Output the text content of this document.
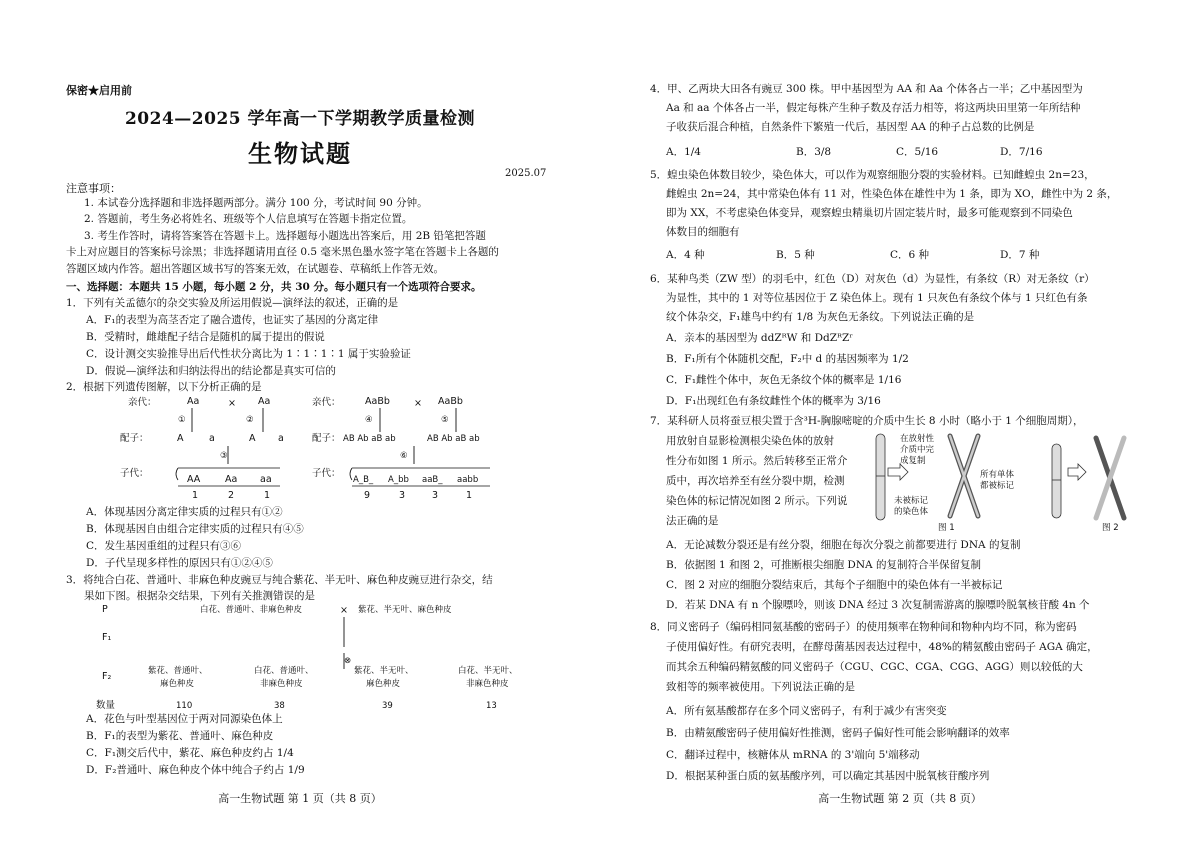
保密★启用前
2024—2025 学年高一下学期教学质量检测
生物试题
2025.07
注意事项：
1. 本试卷分选择题和非选择题两部分。满分 100 分，考试时间 90 分钟。
2. 答题前，考生务必将姓名、班级等个人信息填写在答题卡指定位置。
3. 考生作答时，请将答案答在答题卡上。选择题每小题选出答案后，用 2B 铅笔把答题
卡上对应题目的答案标号涂黑；非选择题请用直径 0.5 毫米黑色墨水签字笔在答题卡上各题的
答题区域内作答。超出答题区域书写的答案无效，在试题卷、草稿纸上作答无效。
一、选择题：本题共 15 小题，每小题 2 分，共 30 分。每小题只有一个选项符合要求。
1．下列有关孟德尔的杂交实验及所运用假说—演绎法的叙述，正确的是
A．F₁的表型为高茎否定了融合遗传，也证实了基因的分离定律
B．受精时，雌雄配子结合是随机的属于提出的假说
C．设计测交实验推导出后代性状分离比为 1∶1∶1∶1 属于实验验证
D．假说—演绎法和归纳法得出的结论都是真实可信的
2．根据下列遗传图解，以下分析正确的是
亲代：	Aa	× Aa
①	②
配子：	A	a	A a
③
子代：
AA	Aa aa
1	2	1
亲代：	AaBb	× AaBb
④	⑤
配子： AB Ab aB ab	AB Ab aB ab
⑥
子代：
A_B_ A_bb aaB_ aabb
9	3	3	1
A．体现基因分离定律实质的过程只有①②
B．体现基因自由组合定律实质的过程只有④⑤
C．发生基因重组的过程只有③⑥
D．子代呈现多样性的原因只有①②④⑤
3．将纯合白花、普通叶、非麻色种皮豌豆与纯合紫花、半无叶、麻色种皮豌豆进行杂交，结
果如下图。根据杂交结果，下列有关推测错误的是
P	白花、普通叶、非麻色种皮	× 紫花、半无叶、麻色种皮
F₁
⊗
F₂	紫花、普通叶、
麻色种皮
白花、普通叶、
非麻色种皮
紫花、半无叶、
麻色种皮
白花、半无叶、
非麻色种皮
数量	110	38	39	13
A．花色与叶型基因位于两对同源染色体上
B．F₁的表型为紫花、普通叶、麻色种皮
C．F₁测交后代中，紫花、麻色种皮约占 1/4
D．F₂普通叶、麻色种皮个体中纯合子约占 1/9
高一生物试题 第 1 页（共 8 页）
4．甲、乙两块大田各有豌豆 300 株。甲中基因型为 AA 和 Aa 个体各占一半；乙中基因型为
Aa 和 aa 个体各占一半，假定每株产生种子数及存活力相等，将这两块田里第一年所结种
子收获后混合种植，自然条件下繁殖一代后，基因型 AA 的种子占总数的比例是
A．1/4	B．3/8	C．5/16	D．7/16
5．蝗虫染色体数目较少，染色体大，可以作为观察细胞分裂的实验材料。已知雌蝗虫 2n=23，
雌蝗虫 2n=24，其中常染色体有 11 对，性染色体在雄性中为 1 条，即为 XO，雌性中为 2 条，
即为 XX，不考虑染色体变异，观察蝗虫精巢切片固定装片时，最多可能观察到不同染色
体数目的细胞有
A．4 种	B．5 种	C．6 种	D．7 种
6．某种鸟类（ZW 型）的羽毛中，红色（D）对灰色（d）为显性，有条纹（R）对无条纹（r）
为显性，其中的 1 对等位基因位于 Z 染色体上。现有 1 只灰色有条纹个体与 1 只红色有条
纹个体杂交，F₁雄鸟中约有 1/8 为灰色无条纹。下列说法正确的是
A．亲本的基因型为 ddZᴿW 和 DdZᴿZʳ
B．F₁所有个体随机交配，F₂中 d 的基因频率为 1/2
C．F₁雌性个体中，灰色无条纹个体的概率是 1/16
D．F₁出现红色有条纹雌性个体的概率为 3/16
7．某科研人员将蚕豆根尖置于含³H-胸腺嘧啶的介质中生长 8 小时（略小于 1 个细胞周期），
用放射自显影检测根尖染色体的放射
性分布如图 1 所示。然后转移至正常介
质中，再次培养至有丝分裂中期，检测
染色体的标记情况如图 2 所示。下列说
法正确的是
在放射性
介质中完
成复制
所有单体
都被标记
未被标记
的染色体
图 1	图 2
A．无论减数分裂还是有丝分裂，细胞在每次分裂之前都要进行 DNA 的复制
B．依据图 1 和图 2，可推断根尖细胞 DNA 的复制符合半保留复制
C．图 2 对应的细胞分裂结束后，其每个子细胞中的染色体有一半被标记
D．若某 DNA 有 n 个腺嘌呤，则该 DNA 经过 3 次复制需游离的腺嘌呤脱氧核苷酸 4n 个
8．同义密码子（编码相同氨基酸的密码子）的使用频率在物种间和物种内均不同，称为密码
子使用偏好性。有研究表明，在酵母菌基因表达过程中，48%的精氨酸由密码子 AGA 确定，
而其余五种编码精氨酸的同义密码子（CGU、CGC、CGA、CGG、AGG）则以较低的大
致相等的频率被使用。下列说法正确的是
A．所有氨基酸都存在多个同义密码子，有利于减少有害突变
B．由精氨酸密码子使用偏好性推测，密码子偏好性可能会影响翻译的效率
C．翻译过程中，核糖体从 mRNA 的 3'端向 5'端移动
D．根据某种蛋白质的氨基酸序列，可以确定其基因中脱氧核苷酸序列
高一生物试题 第 2 页（共 8 页）
